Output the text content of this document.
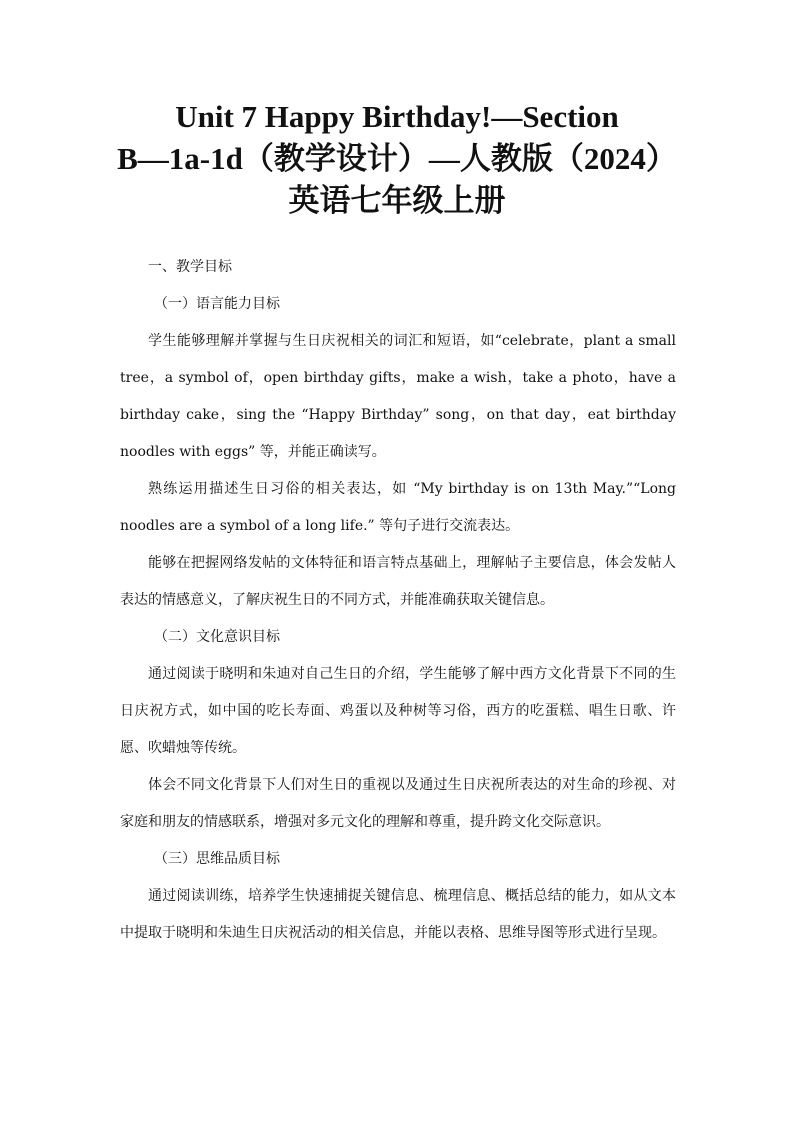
Unit 7 Happy Birthday!—Section
B—1a-1d（教学设计）—人教版（2024）
英语七年级上册

一、教学目标

（一）语言能力目标

学生能够理解并掌握与生日庆祝相关的词汇和短语，如“celebrate，plant a small tree，a symbol of，open birthday gifts，make a wish，take a photo，have a birthday cake，sing the “Happy Birthday” song，on that day，eat birthday noodles with eggs” 等，并能正确读写。

熟练运用描述生日习俗的相关表达，如 “My birthday is on 13th May.”“Long noodles are a symbol of a long life.” 等句子进行交流表达。

能够在把握网络发帖的文体特征和语言特点基础上，理解帖子主要信息，体会发帖人表达的情感意义，了解庆祝生日的不同方式，并能准确获取关键信息。

（二）文化意识目标

通过阅读于晓明和朱迪对自己生日的介绍，学生能够了解中西方文化背景下不同的生日庆祝方式，如中国的吃长寿面、鸡蛋以及种树等习俗，西方的吃蛋糕、唱生日歌、许愿、吹蜡烛等传统。

体会不同文化背景下人们对生日的重视以及通过生日庆祝所表达的对生命的珍视、对家庭和朋友的情感联系，增强对多元文化的理解和尊重，提升跨文化交际意识。

（三）思维品质目标

通过阅读训练，培养学生快速捕捉关键信息、梳理信息、概括总结的能力，如从文本中提取于晓明和朱迪生日庆祝活动的相关信息，并能以表格、思维导图等形式进行呈现。
